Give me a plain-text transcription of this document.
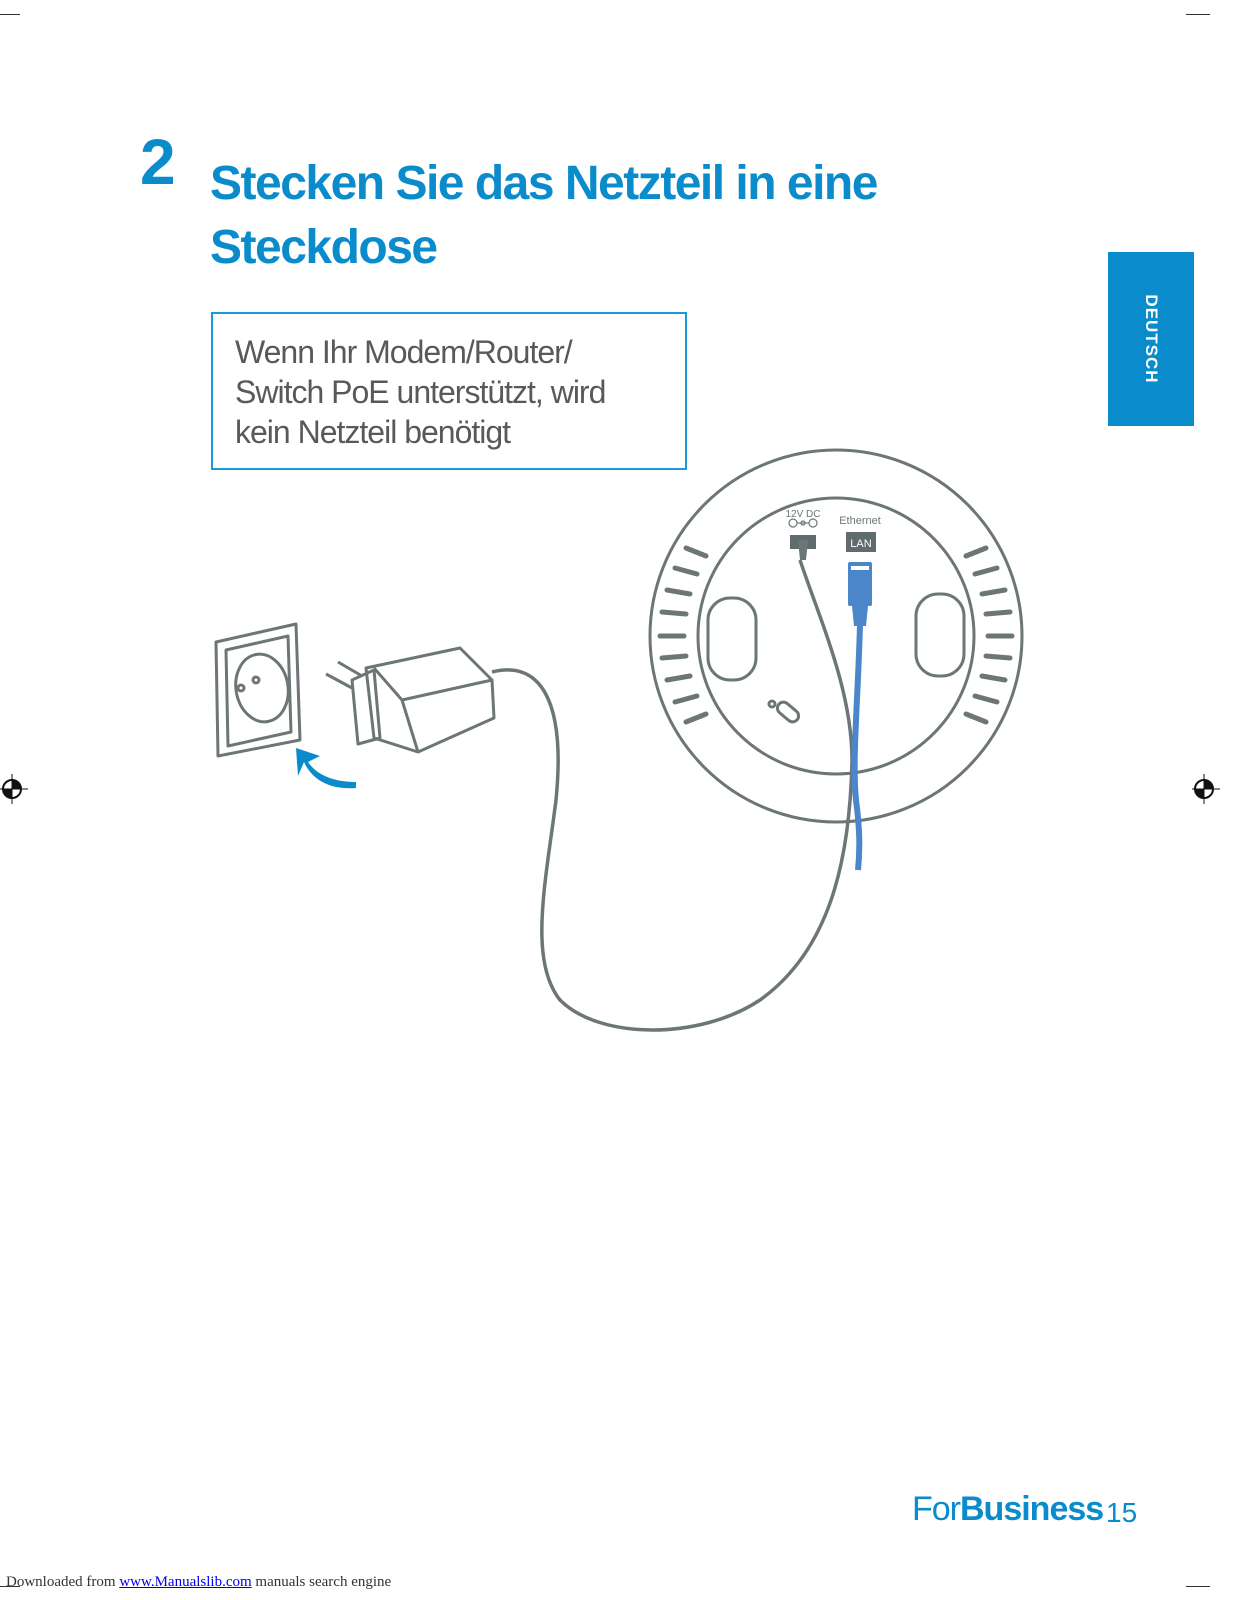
2 Stecken Sie das Netzteil in eine
Steckdose
Wenn Ihr Modem/Router/
Switch PoE unterstützt, wird
kein Netzteil benötigt
DEUTSCH
12V DC
Ethernet
LAN
ForBusiness 15
Downloaded from www.Manualslib.com manuals search engine
